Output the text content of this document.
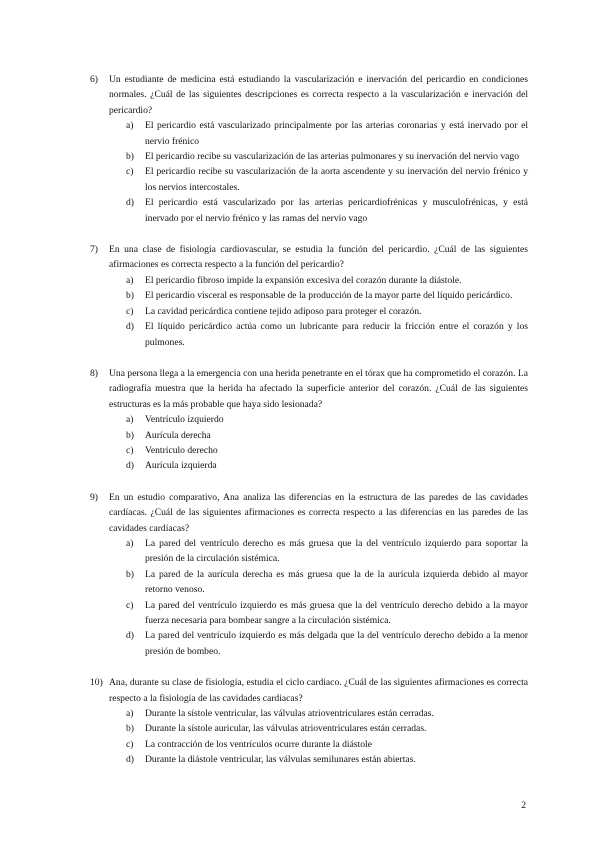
6) Un estudiante de medicina está estudiando la vascularización e inervación del pericardio en condiciones normales. ¿Cuál de las siguientes descripciones es correcta respecto a la vascularización e inervación del pericardio?
a) El pericardio está vascularizado principalmente por las arterias coronarias y está inervado por el nervio frénico
b) El pericardio recibe su vascularización de las arterias pulmonares y su inervación del nervio vago
c) El pericardio recibe su vascularización de la aorta ascendente y su inervación del nervio frénico y los nervios intercostales.
d) El pericardio está vascularizado por las arterias pericardiofrénicas y musculofrénicas, y está inervado por el nervio frénico y las ramas del nervio vago
7) En una clase de fisiología cardiovascular, se estudia la función del pericardio. ¿Cuál de las siguientes afirmaciones es correcta respecto a la función del pericardio?
a) El pericardio fibroso impide la expansión excesiva del corazón durante la diástole.
b) El pericardio visceral es responsable de la producción de la mayor parte del líquido pericárdico.
c) La cavidad pericárdica contiene tejido adiposo para proteger el corazón.
d) El líquido pericárdico actúa como un lubricante para reducir la fricción entre el corazón y los pulmones.
8) Una persona llega a la emergencia con una herida penetrante en el tórax que ha comprometido el corazón. La radiografía muestra que la herida ha afectado la superficie anterior del corazón. ¿Cuál de las siguientes estructuras es la más probable que haya sido lesionada?
a) Ventrículo izquierdo
b) Aurícula derecha
c) Ventrículo derecho
d) Aurícula izquierda
9) En un estudio comparativo, Ana analiza las diferencias en la estructura de las paredes de las cavidades cardíacas. ¿Cuál de las siguientes afirmaciones es correcta respecto a las diferencias en las paredes de las cavidades cardíacas?
a) La pared del ventrículo derecho es más gruesa que la del ventrículo izquierdo para soportar la presión de la circulación sistémica.
b) La pared de la aurícula derecha es más gruesa que la de la aurícula izquierda debido al mayor retorno venoso.
c) La pared del ventrículo izquierdo es más gruesa que la del ventrículo derecho debido a la mayor fuerza necesaria para bombear sangre a la circulación sistémica.
d) La pared del ventrículo izquierdo es más delgada que la del ventrículo derecho debido a la menor presión de bombeo.
10) Ana, durante su clase de fisiología, estudia el ciclo cardiaco. ¿Cuál de las siguientes afirmaciones es correcta respecto a la fisiología de las cavidades cardiacas?
a) Durante la sístole ventricular, las válvulas atrioventriculares están cerradas.
b) Durante la sístole auricular, las válvulas atrioventriculares están cerradas.
c) La contracción de los ventrículos ocurre durante la diástole
d) Durante la diástole ventricular, las válvulas semilunares están abiertas.
2
